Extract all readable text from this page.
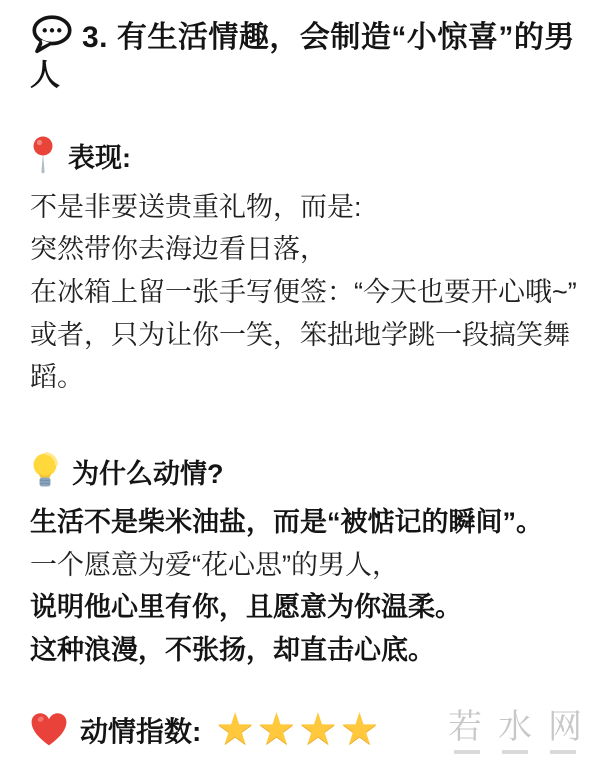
3. 有生活情趣，会制造“小惊喜”的男人
表现:

不是非要送贵重礼物，而是:

突然带你去海边看日落，

在冰箱上留一张手写便签：“今天也要开心哦~”

或者，只为让你一笑，笨拙地学跳一段搞笑舞蹈。

为什么动情?

生活不是柴米油盐，而是“被惦记的瞬间”。

一个愿意为爱“花心思”的男人，

说明他心里有你，且愿意为你温柔。

这种浪漫，不张扬，却直击心底。

动情指数: ★ ★ ★ ★ 若水网
